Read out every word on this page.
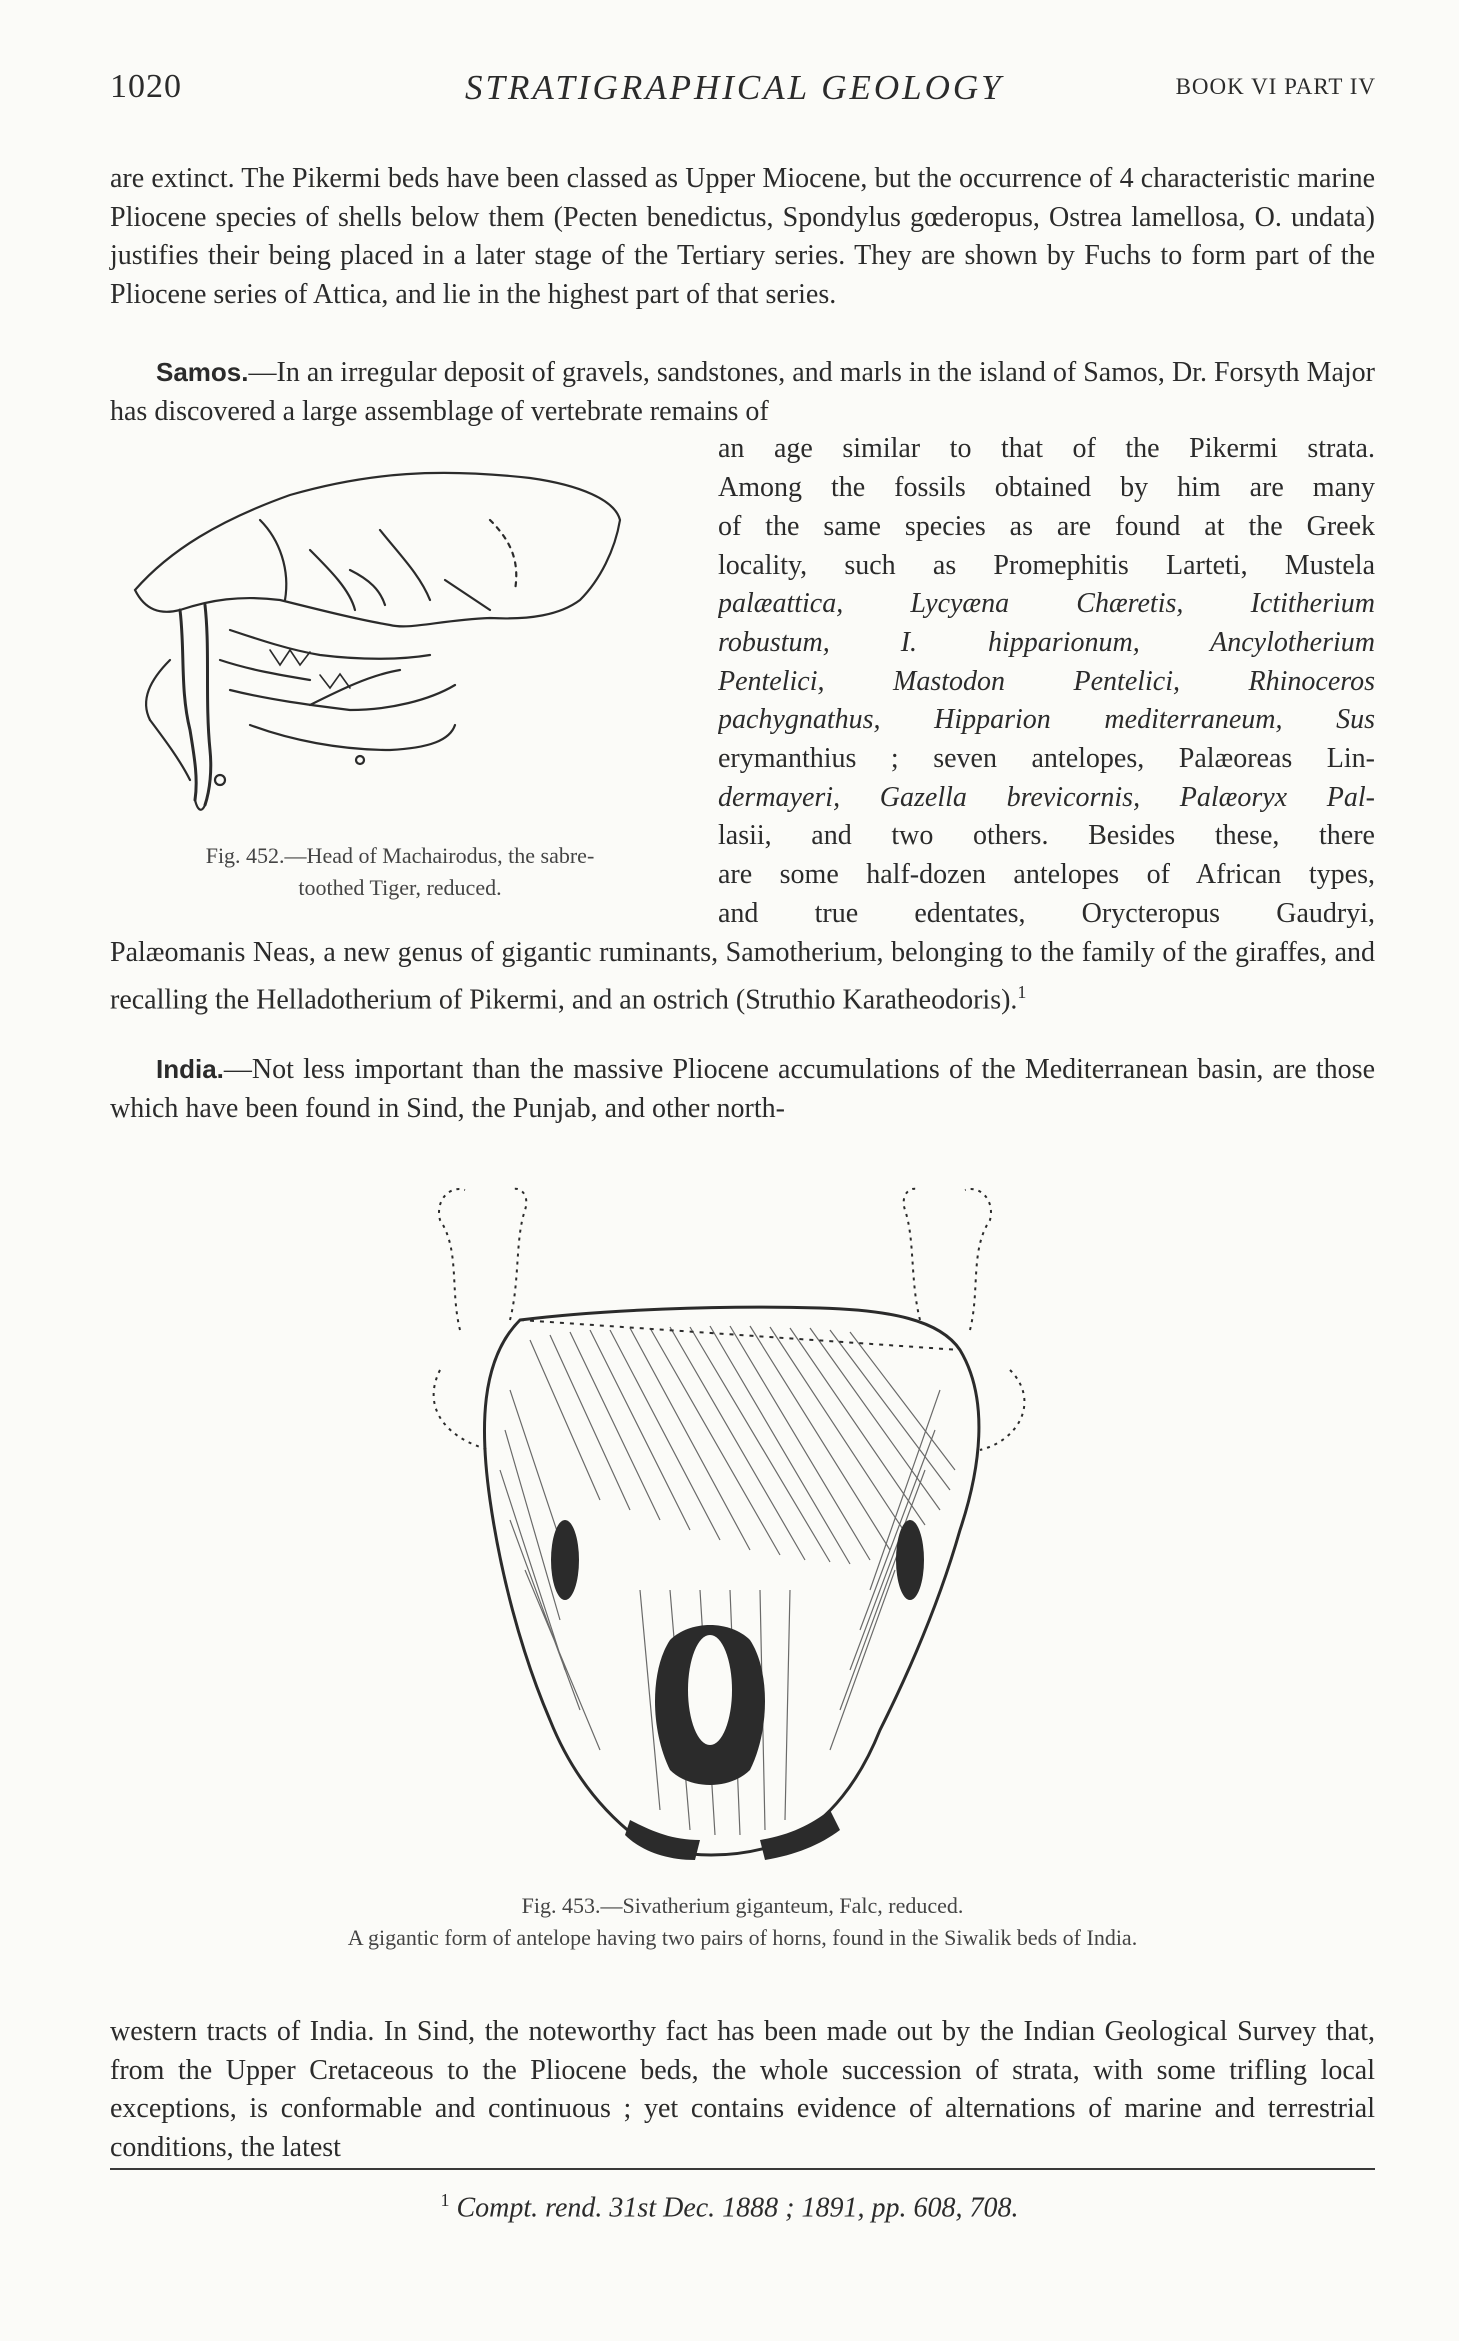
1020	STRATIGRAPHICAL GEOLOGY	BOOK VI PART IV

are extinct. The Pikermi beds have been classed as Upper Miocene, but the occurrence of 4 characteristic marine Pliocene species of shells below them (Pecten benedictus, Spondylus gœderopus, Ostrea lamellosa, O. undata) justifies their being placed in a later stage of the Tertiary series. They are shown by Fuchs to form part of the Pliocene series of Attica, and lie in the highest part of that series.

Samos.—In an irregular deposit of gravels, sandstones, and marls in the island of Samos, Dr. Forsyth Major has discovered a large assemblage of vertebrate remains of

an age similar to that of the Pikermi strata.

Among the fossils obtained by him are many

of the same species as are found at the Greek

locality, such as Promephitis Larteti, Mustela

palæattica, Lycyæna Chæretis, Ictitherium

robustum, I. hipparionum, Ancylotherium

Pentelici, Mastodon Pentelici, Rhinoceros

pachygnathus, Hipparion mediterraneum, Sus

erymanthius ; seven antelopes, Palæoreas Lin-

dermayeri, Gazella brevicornis, Palæoryx Pal-

lasii, and two others. Besides these, there

are some half-dozen antelopes of African types,

and true edentates, Orycteropus Gaudryi,

Fig. 452.—Head of Machairodus, the sabre-
toothed Tiger, reduced.

Palæomanis Neas, a new genus of gigantic ruminants, Samotherium, belonging to the family of the giraffes, and recalling the Helladotherium of Pikermi, and an ostrich (Struthio Karatheodoris).$^1$

India.—Not less important than the massive Pliocene accumulations of the Mediterranean basin, are those which have been found in Sind, the Punjab, and other north-

Fig. 453.—Sivatherium giganteum, Falc, reduced.
A gigantic form of antelope having two pairs of horns, found in the Siwalik beds of India.

western tracts of India. In Sind, the noteworthy fact has been made out by the Indian Geological Survey that, from the Upper Cretaceous to the Pliocene beds, the whole succession of strata, with some trifling local exceptions, is conformable and continuous ; yet contains evidence of alternations of marine and terrestrial conditions, the latest

$^1$ Compt. rend. 31st Dec. 1888 ; 1891, pp. 608, 708.
